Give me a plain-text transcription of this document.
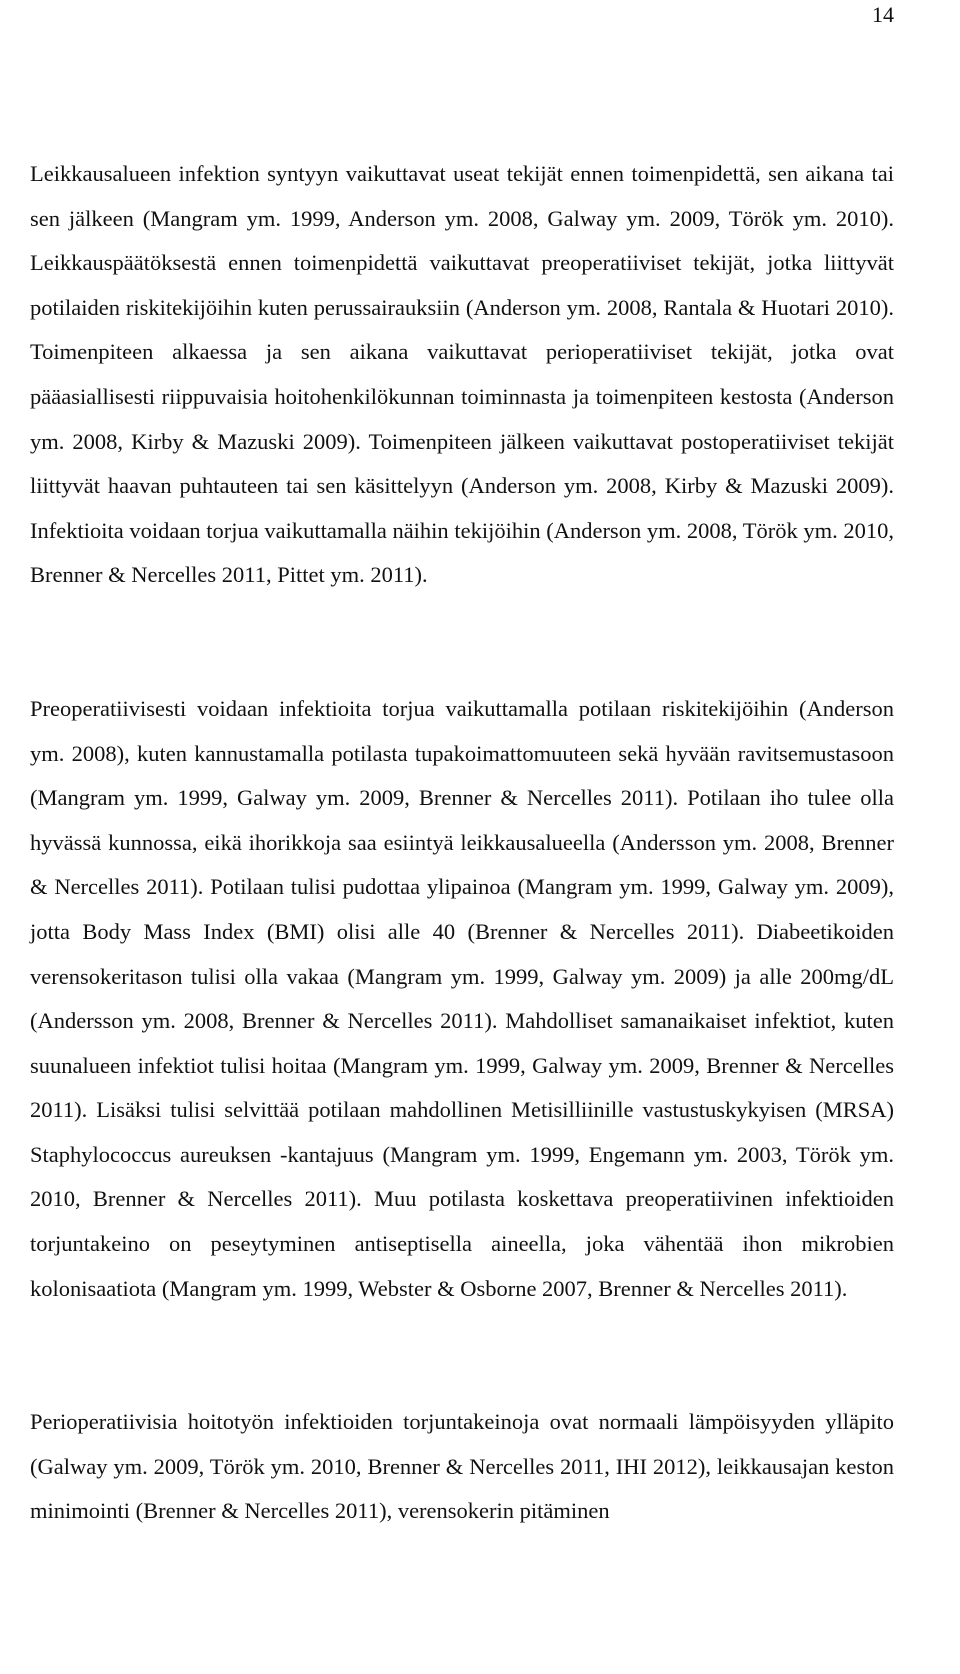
14

Leikkausalueen infektion syntyyn vaikuttavat useat tekijät ennen toimenpidettä, sen aikana tai sen jälkeen (Mangram ym. 1999, Anderson ym. 2008, Galway ym. 2009, Török ym. 2010). Leikkauspäätöksestä ennen toimenpidettä vaikuttavat preoperatiiviset tekijät, jotka liittyvät potilaiden riskitekijöihin kuten perussairauksiin (Anderson ym. 2008, Rantala & Huotari 2010). Toimenpiteen alkaessa ja sen aikana vaikuttavat perioperatiiviset tekijät, jotka ovat pääasiallisesti riippuvaisia hoitohenkilökunnan toiminnasta ja toimenpiteen kestosta (Anderson ym. 2008, Kirby & Mazuski 2009). Toimenpiteen jälkeen vaikuttavat postoperatiiviset tekijät liittyvät haavan puhtauteen tai sen käsittelyyn (Anderson ym. 2008, Kirby & Mazuski 2009). Infektioita voidaan torjua vaikuttamalla näihin tekijöihin (Anderson ym. 2008, Török ym. 2010, Brenner & Nercelles 2011, Pittet ym. 2011).

Preoperatiivisesti voidaan infektioita torjua vaikuttamalla potilaan riskitekijöihin (Anderson ym. 2008), kuten kannustamalla potilasta tupakoimattomuuteen sekä hyvään ravitsemustasoon (Mangram ym. 1999, Galway ym. 2009, Brenner & Nercelles 2011). Potilaan iho tulee olla hyvässä kunnossa, eikä ihorikkoja saa esiintyä leikkausalueella (Andersson ym. 2008, Brenner & Nercelles 2011). Potilaan tulisi pudottaa ylipainoa (Mangram ym. 1999, Galway ym. 2009), jotta Body Mass Index (BMI) olisi alle 40 (Brenner & Nercelles 2011). Diabeetikoiden verensokeritason tulisi olla vakaa (Mangram ym. 1999, Galway ym. 2009) ja alle 200mg/dL (Andersson ym. 2008, Brenner & Nercelles 2011). Mahdolliset samanaikaiset infektiot, kuten suunalueen infektiot tulisi hoitaa (Mangram ym. 1999, Galway ym. 2009, Brenner & Nercelles 2011). Lisäksi tulisi selvittää potilaan mahdollinen Metisilliinille vastustuskykyisen (MRSA) Staphylococcus aureuksen -kantajuus (Mangram ym. 1999, Engemann ym. 2003, Török ym. 2010, Brenner & Nercelles 2011). Muu potilasta koskettava preoperatiivinen infektioiden torjuntakeino on peseytyminen antiseptisella aineella, joka vähentää ihon mikrobien kolonisaatiota (Mangram ym. 1999, Webster & Osborne 2007, Brenner & Nercelles 2011).

Perioperatiivisia hoitotyön infektioiden torjuntakeinoja ovat normaali lämpöisyyden ylläpito (Galway ym. 2009, Török ym. 2010, Brenner & Nercelles 2011, IHI 2012), leikkausajan keston minimointi (Brenner & Nercelles 2011), verensokerin pitäminen
